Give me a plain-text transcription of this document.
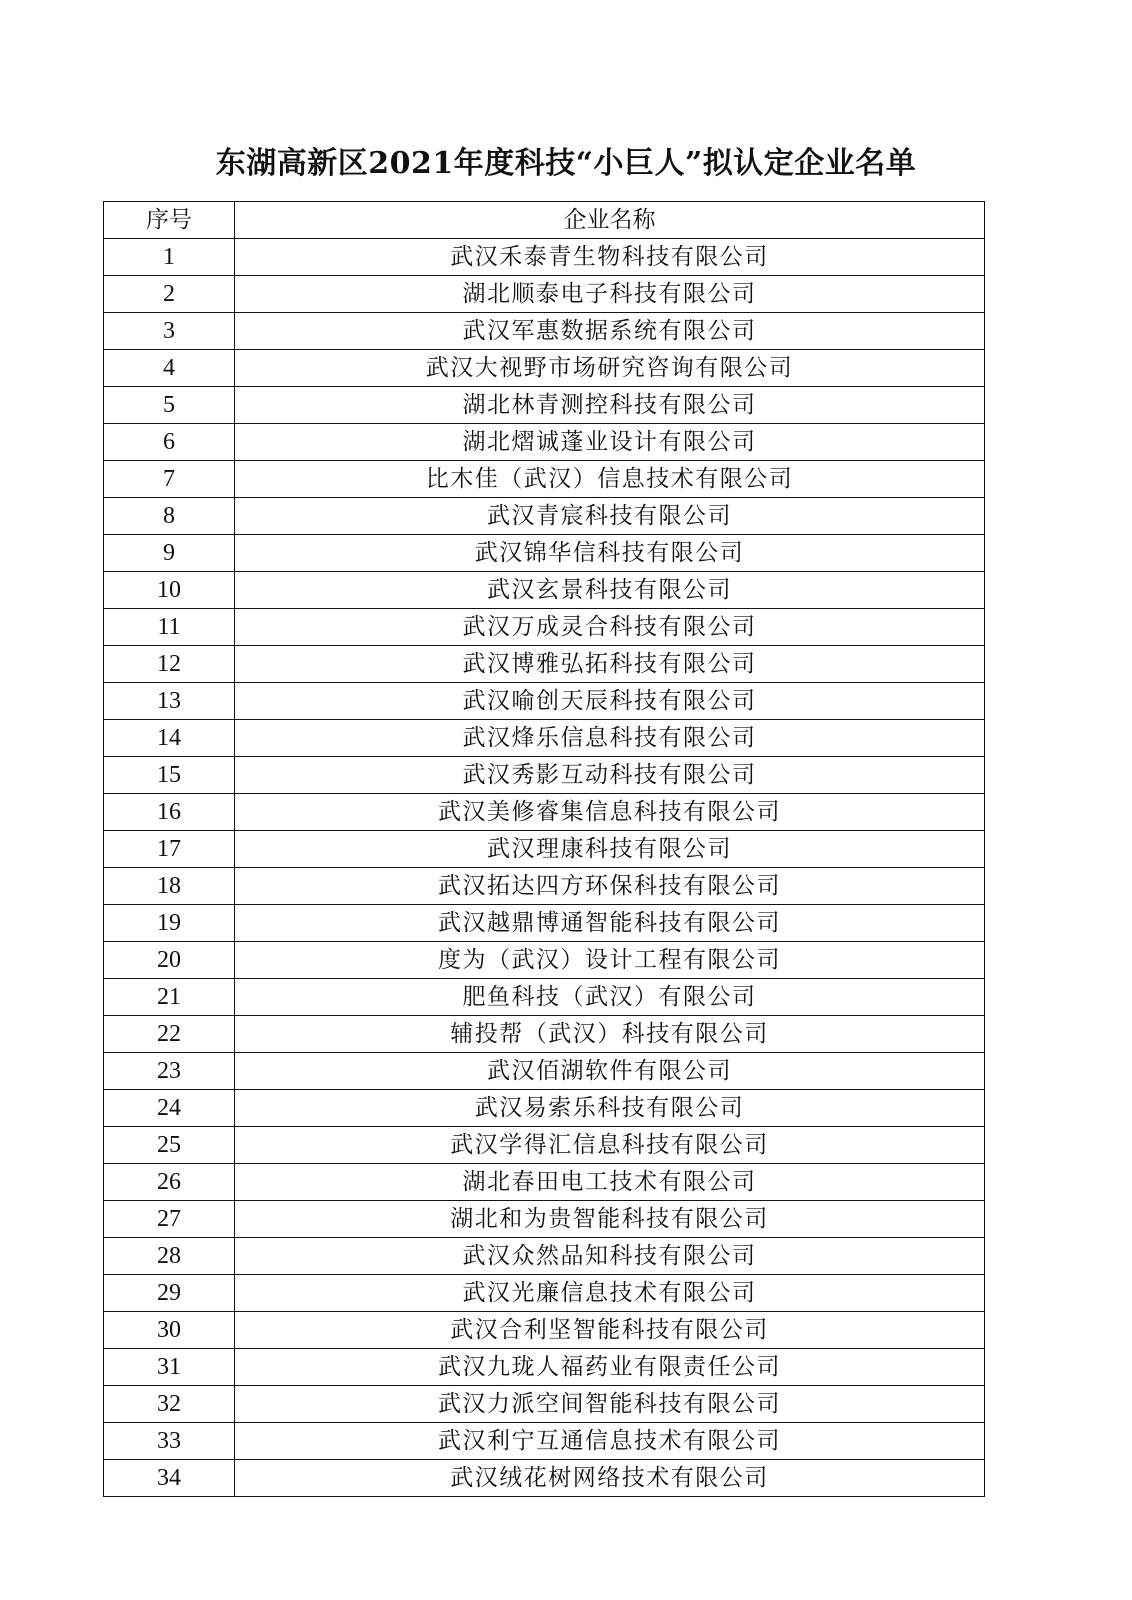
东湖高新区2021年度科技“小巨人”拟认定企业名单
序号	企业名称
1	武汉禾泰青生物科技有限公司
2	湖北顺泰电子科技有限公司
3	武汉军惠数据系统有限公司
4	武汉大视野市场研究咨询有限公司
5	湖北林青测控科技有限公司
6	湖北熠诚蓬业设计有限公司
7	比木佳（武汉）信息技术有限公司
8	武汉青宸科技有限公司
9	武汉锦华信科技有限公司
10	武汉玄景科技有限公司
11	武汉万成灵合科技有限公司
12	武汉博雅弘拓科技有限公司
13	武汉喻创天辰科技有限公司
14	武汉烽乐信息科技有限公司
15	武汉秀影互动科技有限公司
16	武汉美修睿集信息科技有限公司
17	武汉理康科技有限公司
18	武汉拓达四方环保科技有限公司
19	武汉越鼎博通智能科技有限公司
20	度为（武汉）设计工程有限公司
21	肥鱼科技（武汉）有限公司
22	辅投帮（武汉）科技有限公司
23	武汉佰湖软件有限公司
24	武汉易索乐科技有限公司
25	武汉学得汇信息科技有限公司
26	湖北春田电工技术有限公司
27	湖北和为贵智能科技有限公司
28	武汉众然品知科技有限公司
29	武汉光廉信息技术有限公司
30	武汉合利坚智能科技有限公司
31	武汉九珑人福药业有限责任公司
32	武汉力派空间智能科技有限公司
33	武汉利宁互通信息技术有限公司
34	武汉绒花树网络技术有限公司
